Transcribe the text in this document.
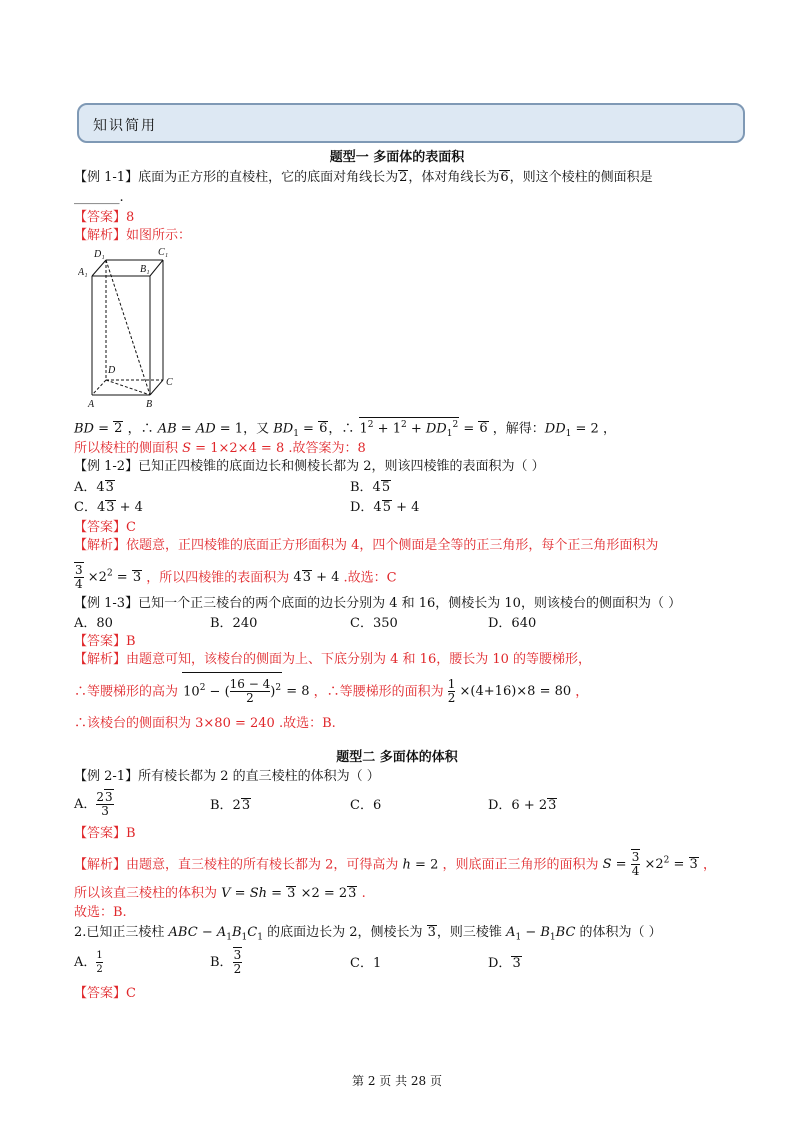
知识简用
题型一 多面体的表面积
【例 1-1】底面为正方形的直棱柱，它的底面对角线长为2，体对角线长为6，则这个棱柱的侧面积是
_______.
【答案】8
【解析】如图所示：
D₁	C₁
A₁	B₁
D
C
A	B
BD = 2 ，∴ AB = AD = 1，又 $BD_1 = 6$，∴ $1^2 + 1^2 + DD_1^2 = 6$ ，解得：$DD_1 = 2$ ，
所以棱柱的侧面积 S = 1×2×4 = 8 .故答案为：8
【例 1-2】已知正四棱锥的底面边长和侧棱长都为 2，则该四棱锥的表面积为（ ）
A．43	B．45
C．43 + 4	D．45 + 4
【答案】C
【解析】依题意，正四棱锥的底面正方形面积为 4，四个侧面是全等的正三角形，每个正三角形面积为
$\frac{3}{4} \times 2^2 = 3$ ，所以四棱锥的表面积为 43 + 4 .故选：C
【例 1-3】已知一个正三棱台的两个底面的边长分别为 4 和 16，侧棱长为 10，则该棱台的侧面积为（ ）
A．80	B．240	C．350	D．640
【答案】B
【解析】由题意可知，该棱台的侧面为上、下底分别为 4 和 16，腰长为 10 的等腰梯形，
∴等腰梯形的高为 $10^2$ − ( $\frac{16 - 4}{2} )^2 = 8$ ，∴等腰梯形的面积为 $\frac{1}{2} \times(4+16)\times 8 = 80$ ，
∴该棱台的侧面积为 3×80 = 240 .故选：B.
题型二 多面体的体积
【例 2-1】所有棱长都为 2 的直三棱柱的体积为（ ）
A． $\frac{23}{3}$	B．23	C．6	D．6 + 23
【答案】B
【解析】由题意，直三棱柱的所有棱长都为 2，可得高为 h = 2 ，则底面正三角形的面积为 $S = \frac{3}{4} \times 2^2 = 3$ ，
所以该直三棱柱的体积为 V = Sh = 3 ×2 = 23 .
故选：B.
2.已知正三棱柱 ABC − $A_1B_1C_1$ 的底面边长为 2，侧棱长为 3，则三棱锥 $A_1 - B_1BC$ 的体积为（ ）
A． $\frac{1}{2}$	B． $\frac{3}{2}$	C．1	D．3
【答案】C
第 2 页 共 28 页
